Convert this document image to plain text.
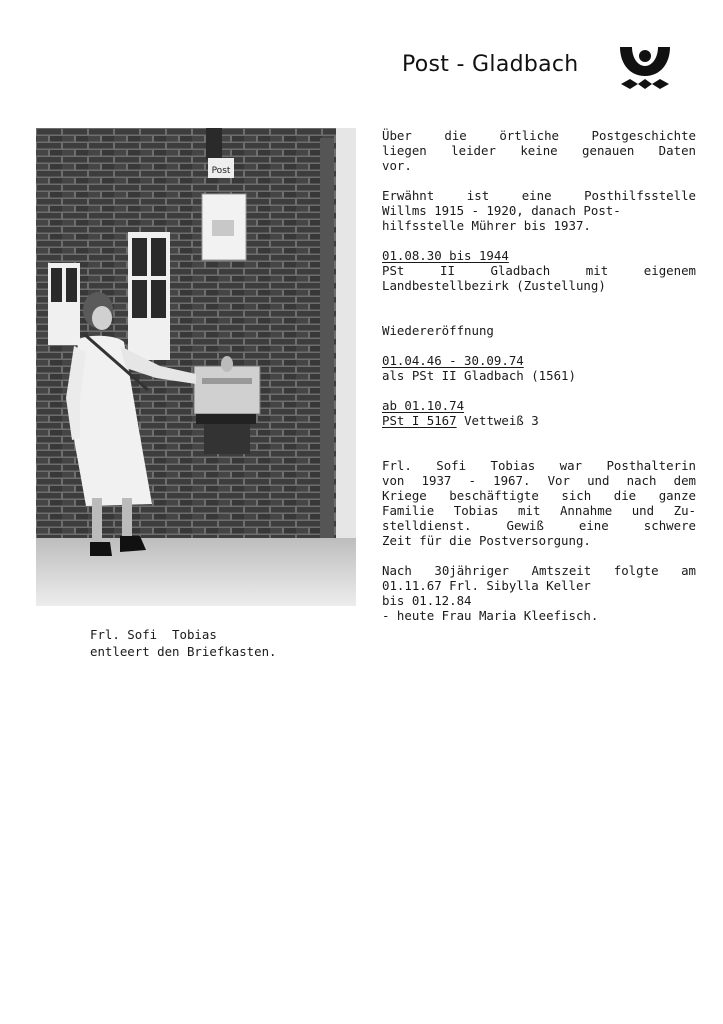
Post - Gladbach
Post

Über die örtliche Postgeschichte

liegen leider keine genauen Daten

vor.

Erwähnt ist eine Posthilfsstelle

Willms 1915 - 1920, danach Post-

hilfsstelle Mührer bis 1937.

01.08.30 bis 1944

PSt II Gladbach mit eigenem

Landbestellbezirk (Zustellung)

Wiedereröffnung

01.04.46 - 30.09.74

als PSt II Gladbach (1561)

ab 01.10.74

PSt I 5167 Vettweiß 3

Frl. Sofi Tobias war Posthalterin

von 1937 - 1967. Vor und nach dem

Kriege beschäftigte sich die ganze

Familie Tobias mit Annahme und Zu-

stelldienst. Gewiß eine schwere

Zeit für die Postversorgung.

Nach 30jähriger Amtszeit folgte am

01.11.67 Frl. Sibylla Keller

bis 01.12.84

- heute Frau Maria Kleefisch.

Frl. Sofi  Tobias
entleert den Briefkasten.
